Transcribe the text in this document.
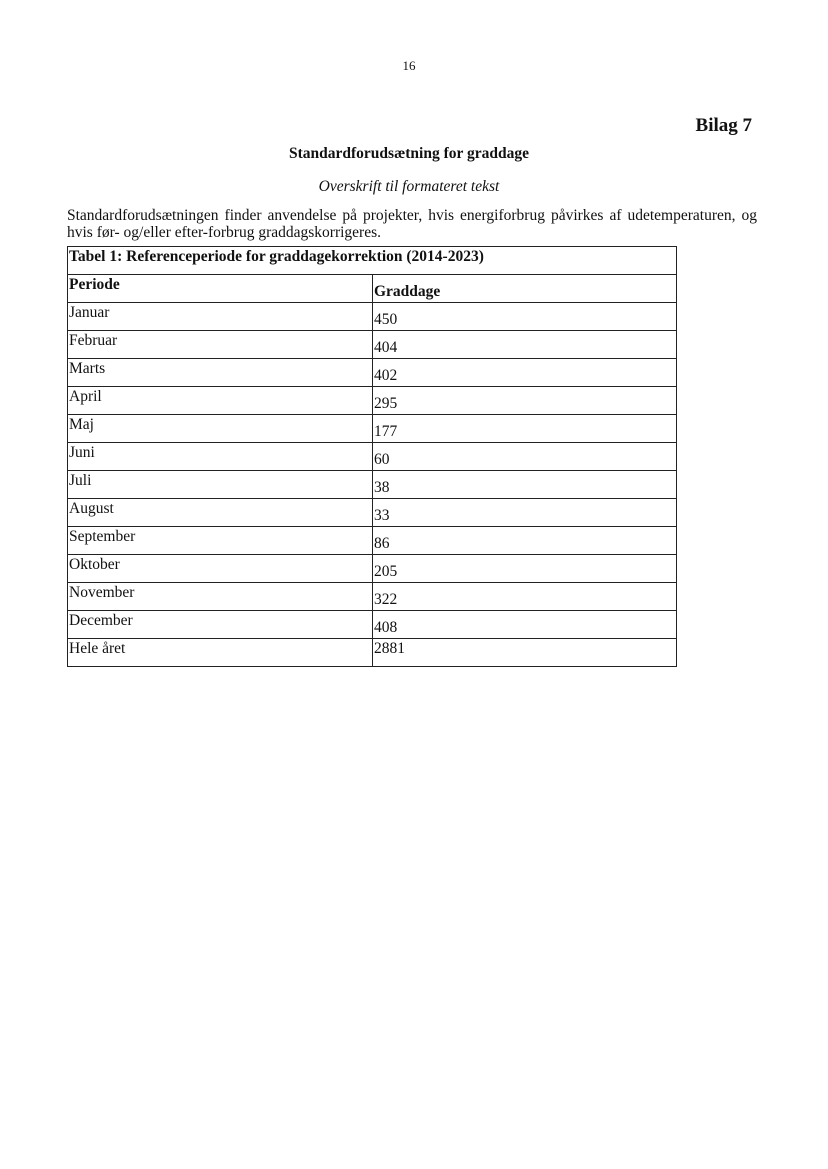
16
Bilag 7
Standardforudsætning for graddage
Overskrift til formateret tekst
Standardforudsætningen finder anvendelse på projekter, hvis energiforbrug påvirkes af udetemperaturen, og hvis før- og/eller efter-forbrug graddagskorrigeres.
Tabel 1: Referenceperiode for graddagekorrektion (2014-2023)
Periode	Graddage
Januar	450
Februar	404
Marts	402
April	295
Maj	177
Juni	60
Juli	38
August	33
September	86
Oktober	205
November	322
December	408
Hele året	2881
